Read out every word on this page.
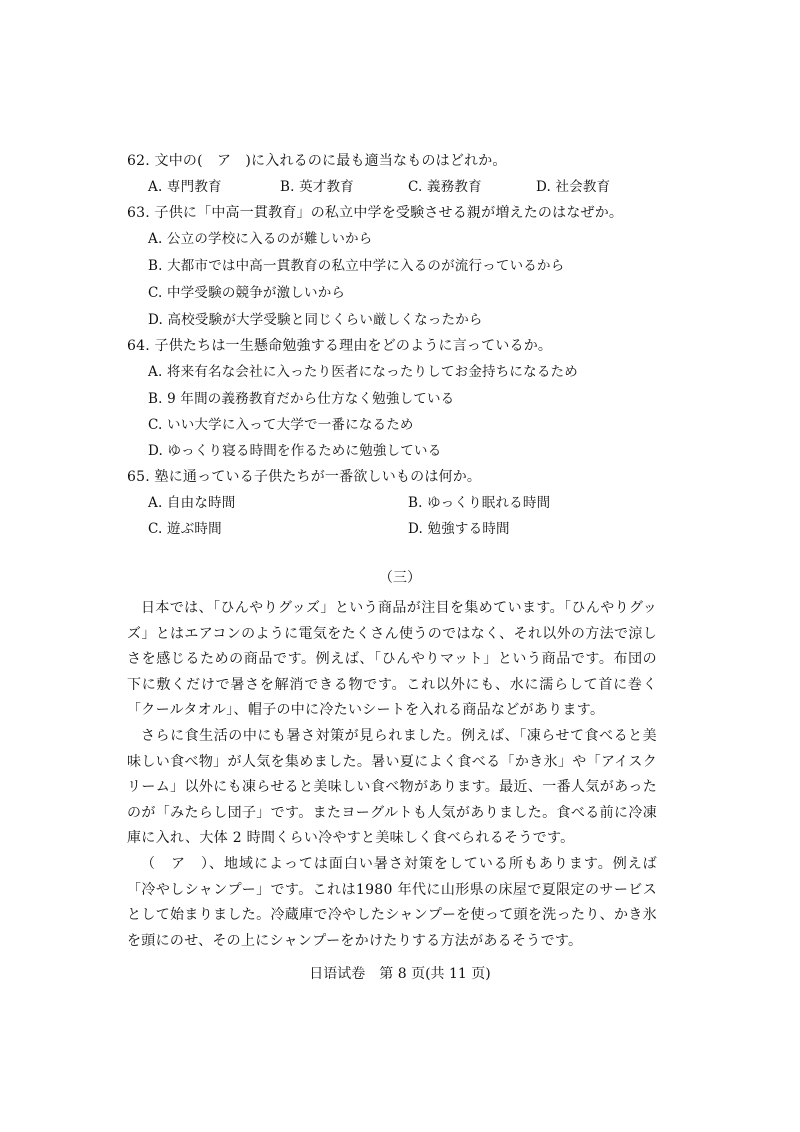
62. 文中の(　ア　)に入れるのに最も適当なものはどれか。
A. 専門教育	B. 英才教育	C. 義務教育	D. 社会教育
63. 子供に「中高一貫教育」の私立中学を受験させる親が増えたのはなぜか。
A. 公立の学校に入るのが難しいから
B. 大都市では中高一貫教育の私立中学に入るのが流行っているから
C. 中学受験の競争が激しいから
D. 高校受験が大学受験と同じくらい厳しくなったから
64. 子供たちは一生懸命勉強する理由をどのように言っているか。
A. 将来有名な会社に入ったり医者になったりしてお金持ちになるため
B. 9 年間の義務教育だから仕方なく勉強している
C. いい大学に入って大学で一番になるため
D. ゆっくり寝る時間を作るために勉強している
65. 塾に通っている子供たちが一番欲しいものは何か。
A. 自由な時間	B. ゆっくり眠れる時間
C. 遊ぶ時間	D. 勉強する時間
（三）

日本では、「ひんやりグッズ」という商品が注目を集めています。「ひんやりグッズ」とはエアコンのように電気をたくさん使うのではなく、それ以外の方法で涼しさを感じるための商品です。例えば、「ひんやりマット」という商品です。布団の下に敷くだけで暑さを解消できる物です。これ以外にも、水に濡らして首に巻く「クールタオル」、帽子の中に冷たいシートを入れる商品などがあります。

さらに食生活の中にも暑さ対策が見られました。例えば、「凍らせて食べると美味しい食べ物」が人気を集めました。暑い夏によく食べる「かき氷」や「アイスクリーム」以外にも凍らせると美味しい食べ物があります。最近、一番人気があったのが「みたらし団子」です。またヨーグルトも人気がありました。食べる前に冷凍庫に入れ、大体 2 時間くらい冷やすと美味しく食べられるそうです。

（　ア　）、地域によっては面白い暑さ対策をしている所もあります。例えば「冷やしシャンプー」です。これは1980 年代に山形県の床屋で夏限定のサービスとして始まりました。冷蔵庫で冷やしたシャンプーを使って頭を洗ったり、かき氷を頭にのせ、その上にシャンプーをかけたりする方法があるそうです。

日语试卷　第 8 页(共 11 页)
